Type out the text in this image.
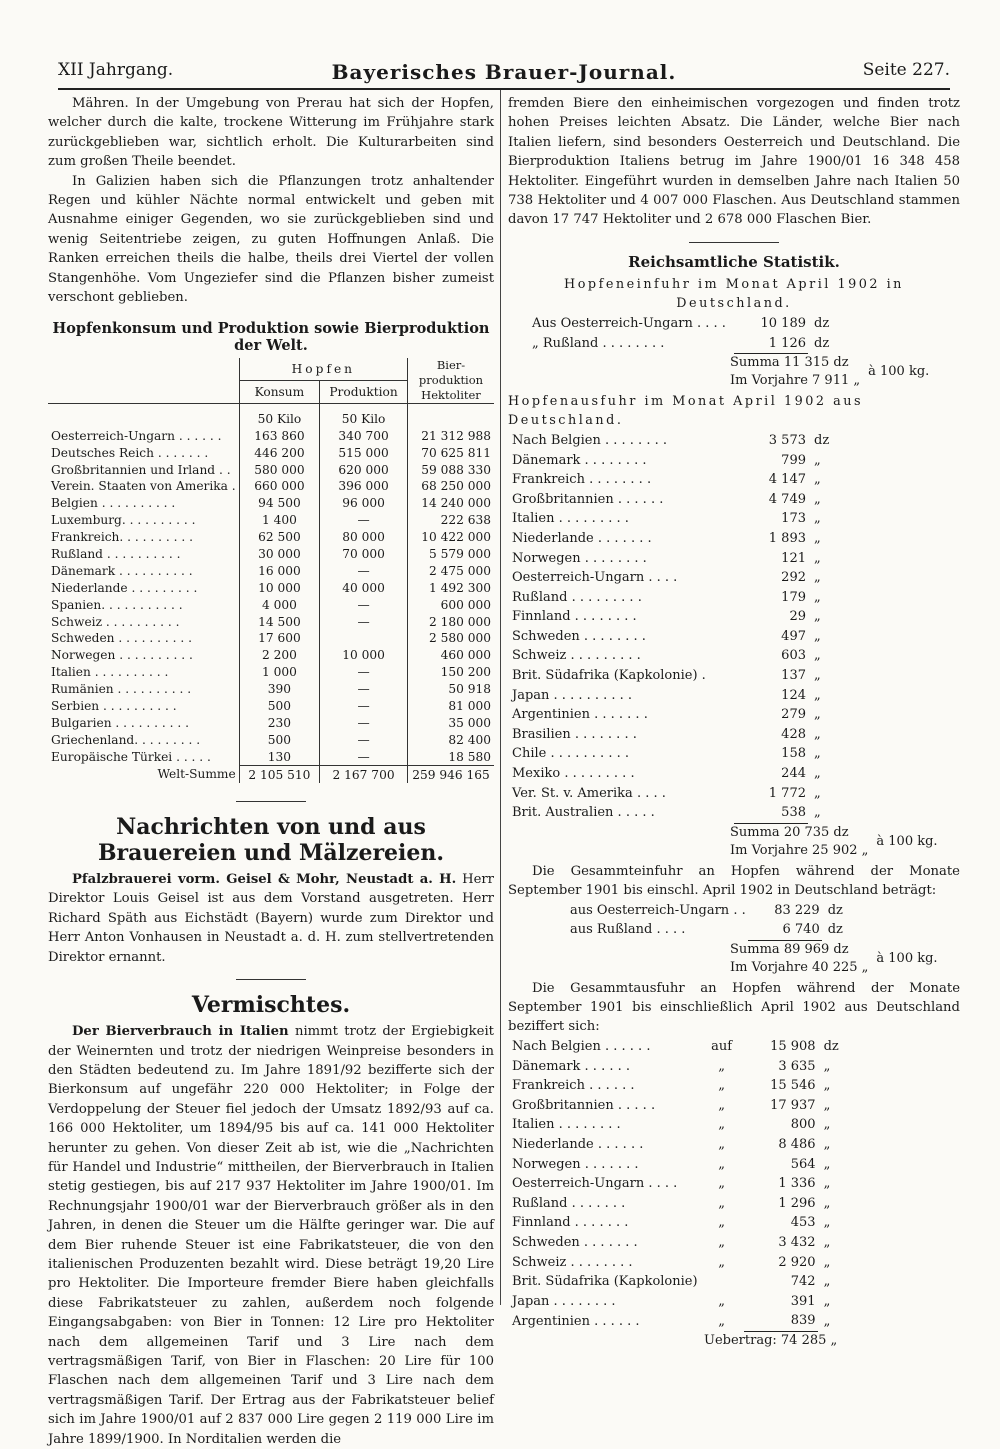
XII Jahrgang.	Bayerisches Brauer-Journal.	Seite 227.

Mähren. In der Umgebung von Prerau hat sich der Hopfen, welcher durch die kalte, trockene Witterung im Frühjahre stark zurückgeblieben war, sichtlich erholt. Die Kulturarbeiten sind zum großen Theile beendet.

In Galizien haben sich die Pflanzungen trotz anhaltender Regen und kühler Nächte normal entwickelt und geben mit Ausnahme einiger Gegenden, wo sie zurückgeblieben sind und wenig Seitentriebe zeigen, zu guten Hoffnungen Anlaß. Die Ranken erreichen theils die halbe, theils drei Viertel der vollen Stangenhöhe. Vom Ungeziefer sind die Pflanzen bisher zumeist verschont geblieben.

Hopfenkonsum und Produktion sowie Bierproduktion der Welt.
	Hopfen		Bier-produktion Hektoliter
	Konsum	Produktion	
	50 Kilo	50 Kilo	
Oesterreich-Ungarn . . . . . .	163 860	340 700	21 312 988
Deutsches Reich . . . . . . .	446 200	515 000	70 625 811
Großbritannien und Irland . .	580 000	620 000	59 088 330
Verein. Staaten von Amerika .	660 000	396 000	68 250 000
Belgien . . . . . . . . . .	94 500	96 000	14 240 000
Luxemburg. . . . . . . . . .	1 400	—	222 638
Frankreich. . . . . . . . . .	62 500	80 000	10 422 000
Rußland . . . . . . . . . .	30 000	70 000	5 579 000
Dänemark . . . . . . . . . .	16 000	—	2 475 000
Niederlande . . . . . . . . .	10 000	40 000	1 492 300
Spanien. . . . . . . . . . .	4 000	—	600 000
Schweiz . . . . . . . . . .	14 500	—	2 180 000
Schweden . . . . . . . . . .	17 600		2 580 000
Norwegen . . . . . . . . . .	2 200	10 000	460 000
Italien . . . . . . . . . .	1 000	—	150 200
Rumänien . . . . . . . . . .	390	—	50 918
Serbien . . . . . . . . . .	500	—	81 000
Bulgarien . . . . . . . . . .	230	—	35 000
Griechenland. . . . . . . . .	500	—	82 400
Europäische Türkei . . . . .	130	—	18 580
Welt-Summe	2 105 510	2 167 700	259 946 165
Nachrichten von und aus Brauereien und Mälzereien.

Pfalzbrauerei vorm. Geisel & Mohr, Neustadt a. H. Herr Direktor Louis Geisel ist aus dem Vorstand ausgetreten. Herr Richard Späth aus Eichstädt (Bayern) wurde zum Direktor und Herr Anton Vonhausen in Neustadt a. d. H. zum stellvertretenden Direktor ernannt.

Vermischtes.

Der Bierverbrauch in Italien nimmt trotz der Ergiebigkeit der Weinernten und trotz der niedrigen Weinpreise besonders in den Städten bedeutend zu. Im Jahre 1891/92 bezifferte sich der Bierkonsum auf ungefähr 220 000 Hektoliter; in Folge der Verdoppelung der Steuer fiel jedoch der Umsatz 1892/93 auf ca. 166 000 Hektoliter, um 1894/95 bis auf ca. 141 000 Hektoliter herunter zu gehen. Von dieser Zeit ab ist, wie die „Nachrichten für Handel und Industrie“ mittheilen, der Bierverbrauch in Italien stetig gestiegen, bis auf 217 937 Hektoliter im Jahre 1900/01. Im Rechnungsjahr 1900/01 war der Bierverbrauch größer als in den Jahren, in denen die Steuer um die Hälfte geringer war. Die auf dem Bier ruhende Steuer ist eine Fabrikatsteuer, die von den italienischen Produzenten bezahlt wird. Diese beträgt 19,20 Lire pro Hektoliter. Die Importeure fremder Biere haben gleichfalls diese Fabrikatsteuer zu zahlen, außerdem noch folgende Eingangsabgaben: von Bier in Tonnen: 12 Lire pro Hektoliter nach dem allgemeinen Tarif und 3 Lire nach dem vertragsmäßigen Tarif, von Bier in Flaschen: 20 Lire für 100 Flaschen nach dem allgemeinen Tarif und 3 Lire nach dem vertragsmäßigen Tarif. Der Ertrag aus der Fabrikatsteuer belief sich im Jahre 1900/01 auf 2 837 000 Lire gegen 2 119 000 Lire im Jahre 1899/1900. In Norditalien werden die

fremden Biere den einheimischen vorgezogen und finden trotz hohen Preises leichten Absatz. Die Länder, welche Bier nach Italien liefern, sind besonders Oesterreich und Deutschland. Die Bierproduktion Italiens betrug im Jahre 1900/01 16 348 458 Hektoliter. Eingeführt wurden in demselben Jahre nach Italien 50 738 Hektoliter und 4 007 000 Flaschen. Aus Deutschland stammen davon 17 747 Hektoliter und 2 678 000 Flaschen Bier.

Reichsamtliche Statistik.

Hopfeneinfuhr im Monat April 1902 in Deutschland.

Aus Oesterreich-Ungarn . . . .	10 189	dz
„ Rußland . . . . . . . .	1 126	dz
Summa 11 315 dz
Im Vorjahre 7 911 „
à 100 kg.

Hopfenausfuhr im Monat April 1902 aus Deutschland.

Nach Belgien . . . . . . . .	3 573	dz
Dänemark . . . . . . . .	799	„
Frankreich . . . . . . . .	4 147	„
Großbritannien . . . . . .	4 749	„
Italien . . . . . . . . .	173	„
Niederlande . . . . . . .	1 893	„
Norwegen . . . . . . . .	121	„
Oesterreich-Ungarn . . . .	292	„
Rußland . . . . . . . . .	179	„
Finnland . . . . . . . .	29	„
Schweden . . . . . . . .	497	„
Schweiz . . . . . . . . .	603	„
Brit. Südafrika (Kapkolonie) .	137	„
Japan . . . . . . . . . .	124	„
Argentinien . . . . . . .	279	„
Brasilien . . . . . . . .	428	„
Chile . . . . . . . . . .	158	„
Mexiko . . . . . . . . .	244	„
Ver. St. v. Amerika . . . .	1 772	„
Brit. Australien . . . . .	538	„
Summa 20 735 dz
Im Vorjahre 25 902 „
à 100 kg.

Die Gesammteinfuhr an Hopfen während der Monate September 1901 bis einschl. April 1902 in Deutschland beträgt:

aus Oesterreich-Ungarn . .	83 229	dz
aus Rußland . . . .	6 740	dz
Summa 89 969 dz
Im Vorjahre 40 225 „
à 100 kg.

Die Gesammtausfuhr an Hopfen während der Monate September 1901 bis einschließlich April 1902 aus Deutschland beziffert sich:

Nach Belgien . . . . . .	auf	15 908	dz
Dänemark . . . . . .	„	3 635	„
Frankreich . . . . . .	„	15 546	„
Großbritannien . . . . .	„	17 937	„
Italien . . . . . . . .	„	800	„
Niederlande . . . . . .	„	8 486	„
Norwegen . . . . . . .	„	564	„
Oesterreich-Ungarn . . . .	„	1 336	„
Rußland . . . . . . .	„	1 296	„
Finnland . . . . . . .	„	453	„
Schweden . . . . . . .	„	3 432	„
Schweiz . . . . . . . .	„	2 920	„
Brit. Südafrika (Kapkolonie)		742	„
Japan . . . . . . . .	„	391	„
Argentinien . . . . . .	„	839	„
Uebertrag: 74 285 „
